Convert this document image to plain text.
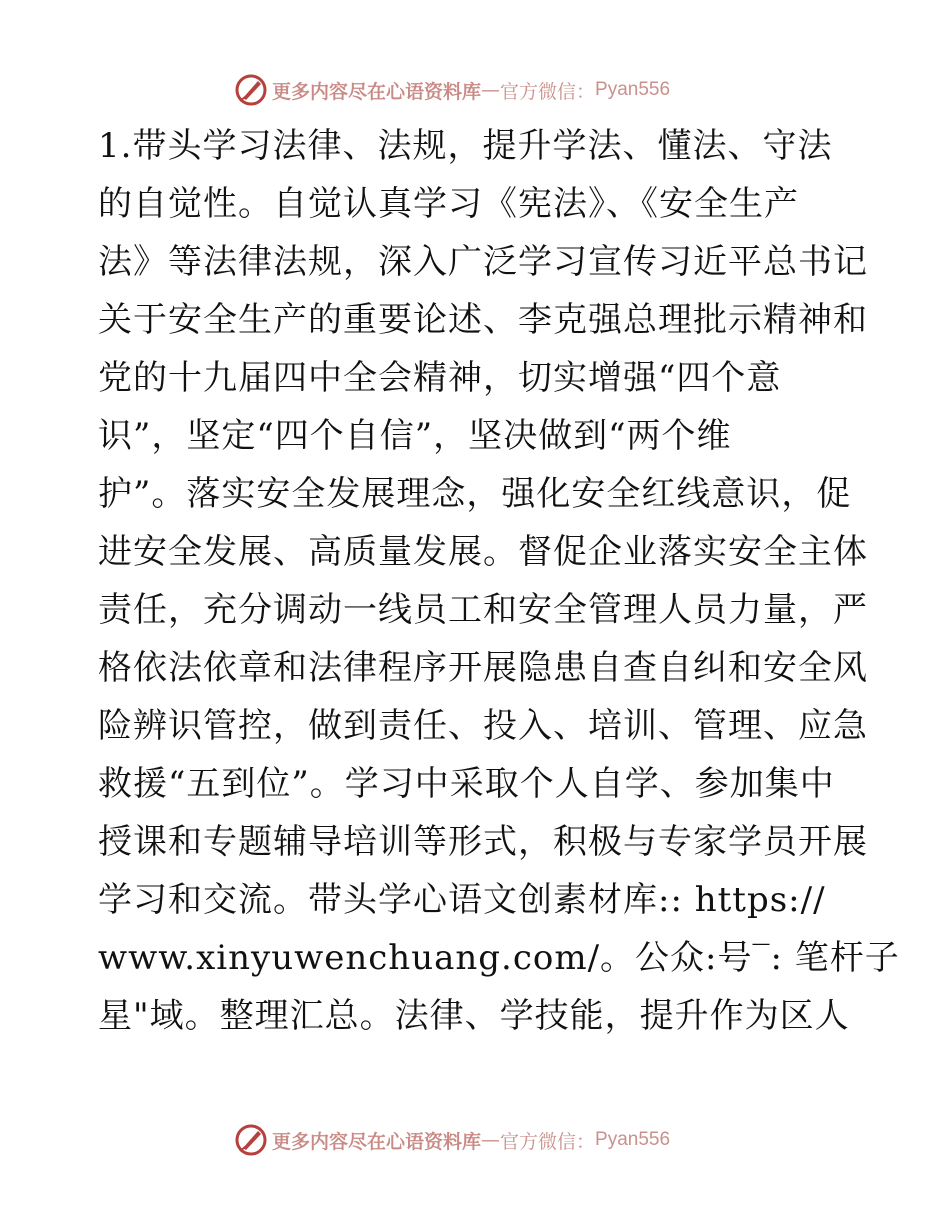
更多内容尽在心语资料库 — 官方微信： Pyan556
1.带头学习法律、法规，提升学法、懂法、守法
的自觉性。自觉认真学习《宪法》、《安全生产
法》等法律法规，深入广泛学习宣传习近平总书记
关于安全生产的重要论述、李克强总理批示精神和
党的十九届四中全会精神，切实增强“四个意
识”，坚定“四个自信”，坚决做到“两个维
护”。落实安全发展理念，强化安全红线意识，促
进安全发展、高质量发展。督促企业落实安全主体
责任，充分调动一线员工和安全管理人员力量，严
格依法依章和法律程序开展隐患自查自纠和安全风
险辨识管控，做到责任、投入、培训、管理、应急
救援“五到位”。学习中采取个人自学、参加集中
授课和专题辅导培训等形式，积极与专家学员开展
学习和交流。带头学心语文创素材库:: https://
www.xinyuwenchuang.com/。公众:号‾: 笔杆子
星"域。整理汇总。法律、学技能，提升作为区人
更多内容尽在心语资料库 — 官方微信： Pyan556
